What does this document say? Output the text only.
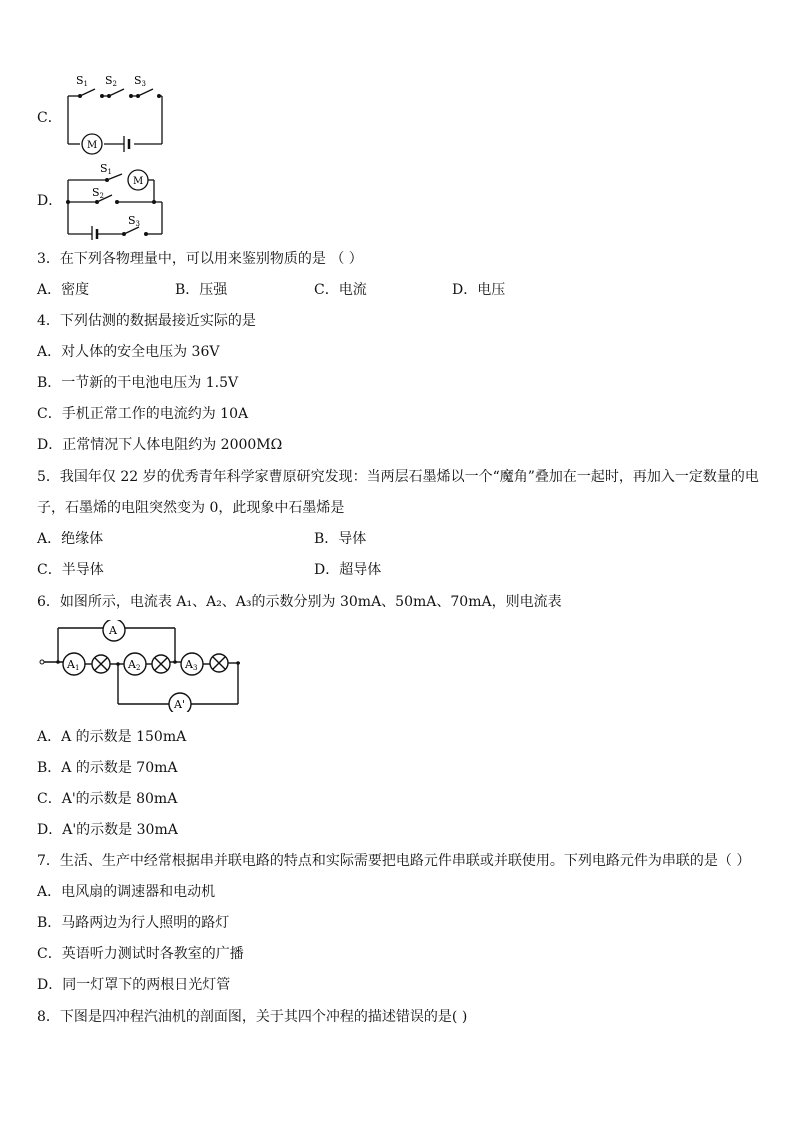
C．
S1 S2 S3
M
D．
S1
S2
S3
M
3．在下列各物理量中，可以用来鉴别物质的是 （ ）
A．密度	B．压强	C．电流	D．电压
4．下列估测的数据最接近实际的是
A．对人体的安全电压为 36V
B．一节新的干电池电压为 1.5V
C．手机正常工作的电流约为 10A
D．正常情况下人体电阻约为 2000MΩ
5．我国年仅 22 岁的优秀青年科学家曹原研究发现：当两层石墨烯以一个“魔角”叠加在一起时，再加入一定数量的电
子，石墨烯的电阻突然变为 0，此现象中石墨烯是
A．绝缘体	B．导体
C．半导体	D．超导体
6．如图所示，电流表 A₁、A₂、A₃的示数分别为 30mA、50mA、70mA，则电流表
A
A1	A2	A3
A'
A．A 的示数是 150mA
B．A 的示数是 70mA
C．A'的示数是 80mA
D．A'的示数是 30mA
7．生活、生产中经常根据串并联电路的特点和实际需要把电路元件串联或并联使用。下列电路元件为串联的是（ ）
A．电风扇的调速器和电动机
B．马路两边为行人照明的路灯
C．英语听力测试时各教室的广播
D．同一灯罩下的两根日光灯管
8．下图是四冲程汽油机的剖面图，关于其四个冲程的描述错误的是( )
